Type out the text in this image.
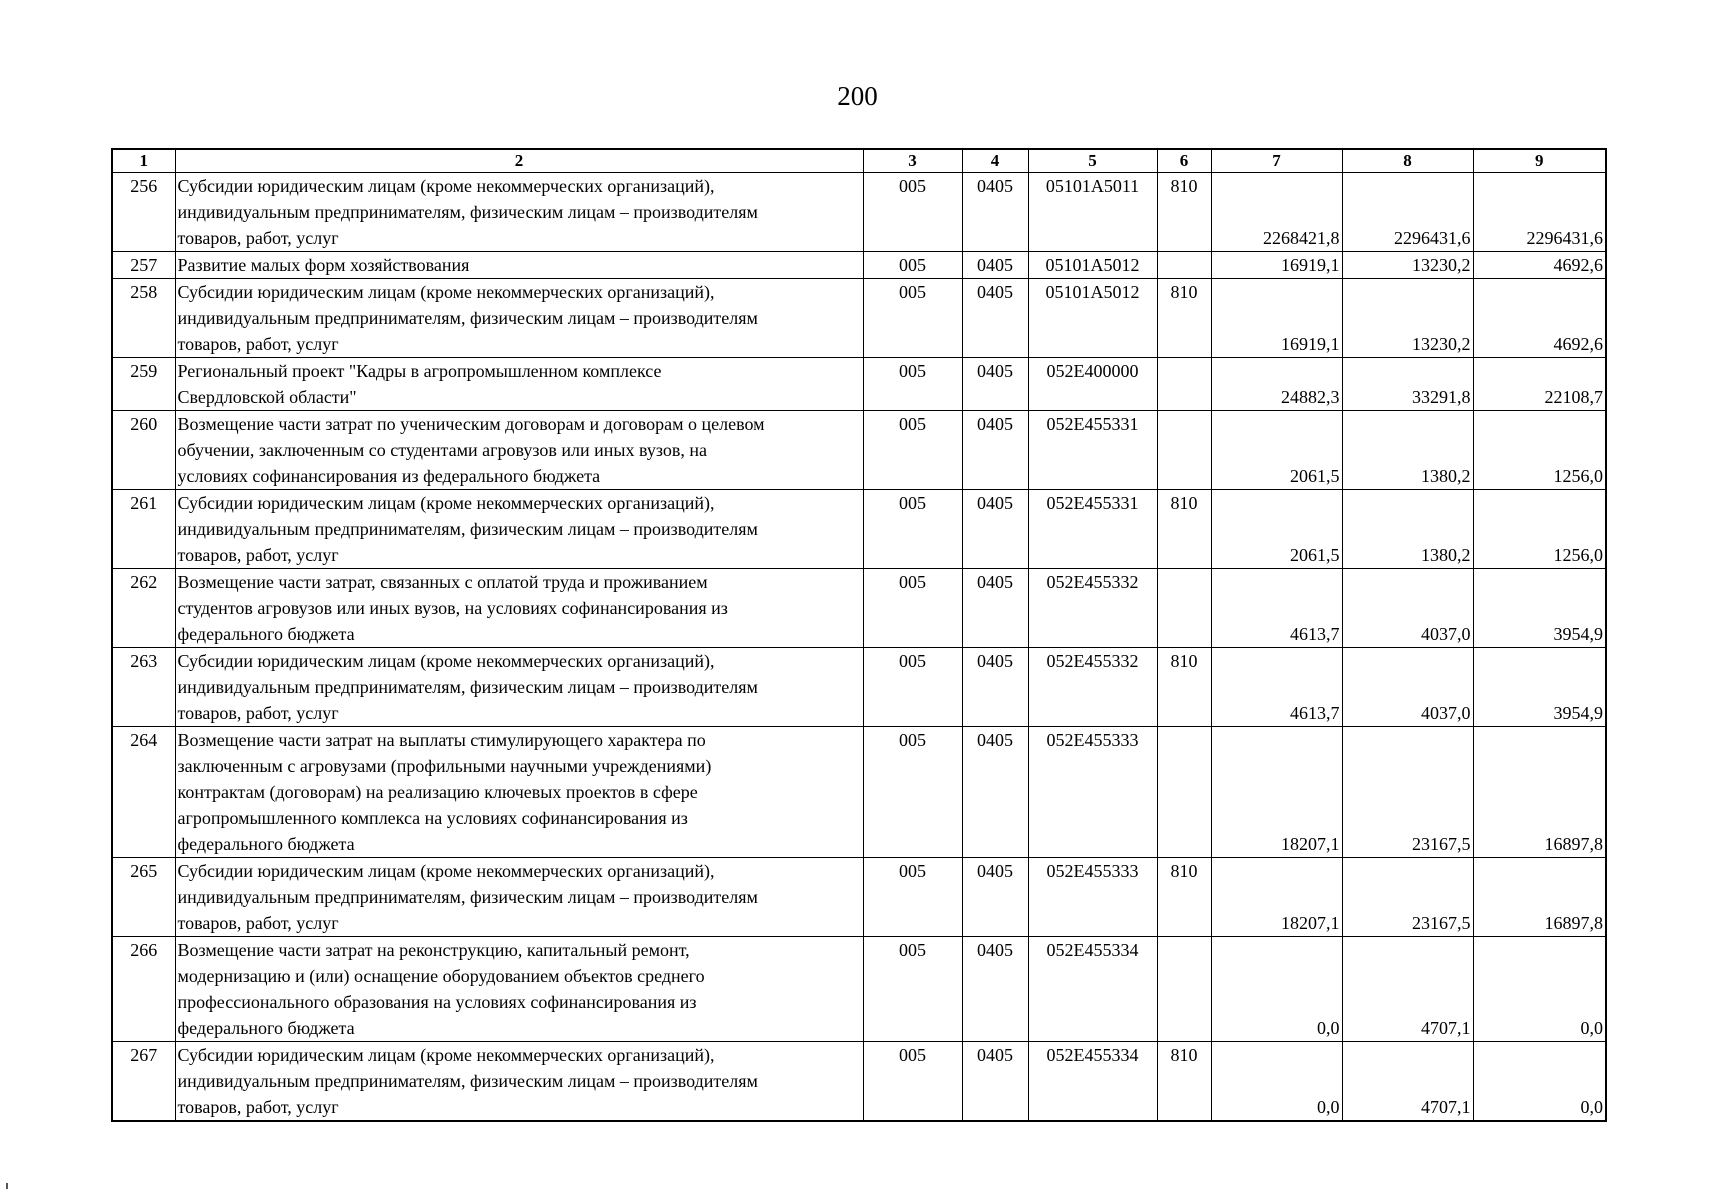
200
1	2	3	4	5	6	7	8	9
256	Субсидии юридическим лицам (кроме некоммерческих организаций),
индивидуальным предпринимателям, физическим лицам – производителям
товаров, работ, услуг	005	0405	05101A5011	810	2268421,8	2296431,6	2296431,6
257	Развитие малых форм хозяйствования	005	0405	05101A5012		16919,1	13230,2	4692,6
258	Субсидии юридическим лицам (кроме некоммерческих организаций),
индивидуальным предпринимателям, физическим лицам – производителям
товаров, работ, услуг	005	0405	05101A5012	810	16919,1	13230,2	4692,6
259	Региональный проект "Кадры в агропромышленном комплексе
Свердловской области"	005	0405	052E400000		24882,3	33291,8	22108,7
260	Возмещение части затрат по ученическим договорам и договорам о целевом
обучении, заключенным со студентами агровузов или иных вузов, на
условиях софинансирования из федерального бюджета	005	0405	052E455331		2061,5	1380,2	1256,0
261	Субсидии юридическим лицам (кроме некоммерческих организаций),
индивидуальным предпринимателям, физическим лицам – производителям
товаров, работ, услуг	005	0405	052E455331	810	2061,5	1380,2	1256,0
262	Возмещение части затрат, связанных с оплатой труда и проживанием
студентов агровузов или иных вузов, на условиях софинансирования из
федерального бюджета	005	0405	052E455332		4613,7	4037,0	3954,9
263	Субсидии юридическим лицам (кроме некоммерческих организаций),
индивидуальным предпринимателям, физическим лицам – производителям
товаров, работ, услуг	005	0405	052E455332	810	4613,7	4037,0	3954,9
264	Возмещение части затрат на выплаты стимулирующего характера по
заключенным с агровузами (профильными научными учреждениями)
контрактам (договорам) на реализацию ключевых проектов в сфере
агропромышленного комплекса на условиях софинансирования из
федерального бюджета	005	0405	052E455333		18207,1	23167,5	16897,8
265	Субсидии юридическим лицам (кроме некоммерческих организаций),
индивидуальным предпринимателям, физическим лицам – производителям
товаров, работ, услуг	005	0405	052E455333	810	18207,1	23167,5	16897,8
266	Возмещение части затрат на реконструкцию, капитальный ремонт,
модернизацию и (или) оснащение оборудованием объектов среднего
профессионального образования на условиях софинансирования из
федерального бюджета	005	0405	052E455334		0,0	4707,1	0,0
267	Субсидии юридическим лицам (кроме некоммерческих организаций),
индивидуальным предпринимателям, физическим лицам – производителям
товаров, работ, услуг	005	0405	052E455334	810	0,0	4707,1	0,0
